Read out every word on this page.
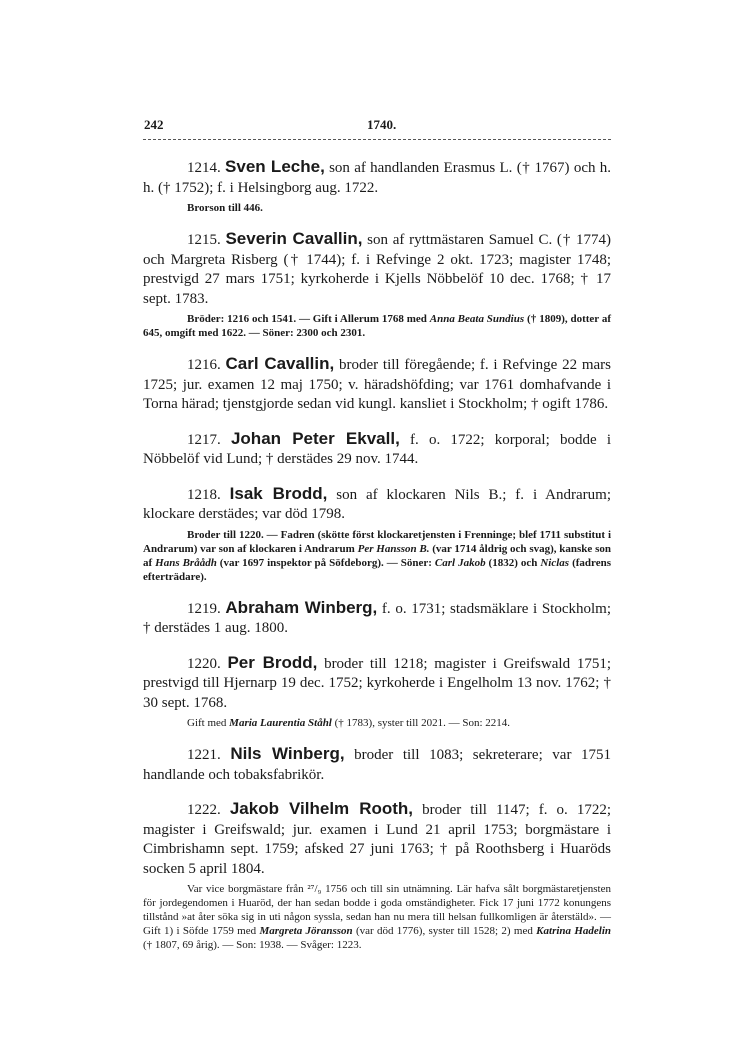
242	1740.

1214. Sven Leche, son af handlanden Erasmus L. († 1767) och h. h. († 1752); f. i Helsingborg aug. 1722.

Brorson till 446.

1215. Severin Cavallin, son af ryttmästaren Samuel C. († 1774) och Margreta Risberg († 1744); f. i Refvinge 2 okt. 1723; magister 1748; prestvigd 27 mars 1751; kyrkoherde i Kjells Nöbbelöf 10 dec. 1768; † 17 sept. 1783.

Bröder: 1216 och 1541. — Gift i Allerum 1768 med Anna Beata Sundius († 1809), dotter af 645, omgift med 1622. — Söner: 2300 och 2301.

1216. Carl Cavallin, broder till föregående; f. i Refvinge 22 mars 1725; jur. examen 12 maj 1750; v. häradshöfding; var 1761 domhafvande i Torna härad; tjenstgjorde sedan vid kungl. kansliet i Stockholm; † ogift 1786.

1217. Johan Peter Ekvall, f. o. 1722; korporal; bodde i Nöbbelöf vid Lund; † derstädes 29 nov. 1744.

1218. Isak Brodd, son af klockaren Nils B.; f. i Andrarum; klockare derstädes; var död 1798.

Broder till 1220. — Fadren (skötte först klockaretjensten i Frenninge; blef 1711 substitut i Andrarum) var son af klockaren i Andrarum Per Hansson B. (var 1714 åldrig och svag), kanske son af Hans Bråådh (var 1697 inspektor på Söfdeborg). — Söner: Carl Jakob (1832) och Niclas (fadrens efterträdare).

1219. Abraham Winberg, f. o. 1731; stadsmäklare i Stockholm; † derstädes 1 aug. 1800.

1220. Per Brodd, broder till 1218; magister i Greifswald 1751; prestvigd till Hjernarp 19 dec. 1752; kyrkoherde i Engelholm 13 nov. 1762; † 30 sept. 1768.

Gift med Maria Laurentia Ståhl († 1783), syster till 2021. — Son: 2214.

1221. Nils Winberg, broder till 1083; sekreterare; var 1751 handlande och tobaksfabrikör.

1222. Jakob Vilhelm Rooth, broder till 1147; f. o. 1722; magister i Greifswald; jur. examen i Lund 21 april 1753; borgmästare i Cimbrishamn sept. 1759; afsked 27 juni 1763; † på Roothsberg i Huaröds socken 5 april 1804.

Var vice borgmästare från ²⁷/₉ 1756 och till sin utnämning. Lär hafva sålt borgmästaretjensten för jordegendomen i Huaröd, der han sedan bodde i goda omständigheter. Fick 17 juni 1772 konungens tillstånd »at åter söka sig in uti någon syssla, sedan han nu mera till helsan fullkomligen är återstäld». — Gift 1) i Söfde 1759 med Margreta Jöransson (var död 1776), syster till 1528; 2) med Katrina Hadelin († 1807, 69 årig). — Son: 1938. — Svåger: 1223.
